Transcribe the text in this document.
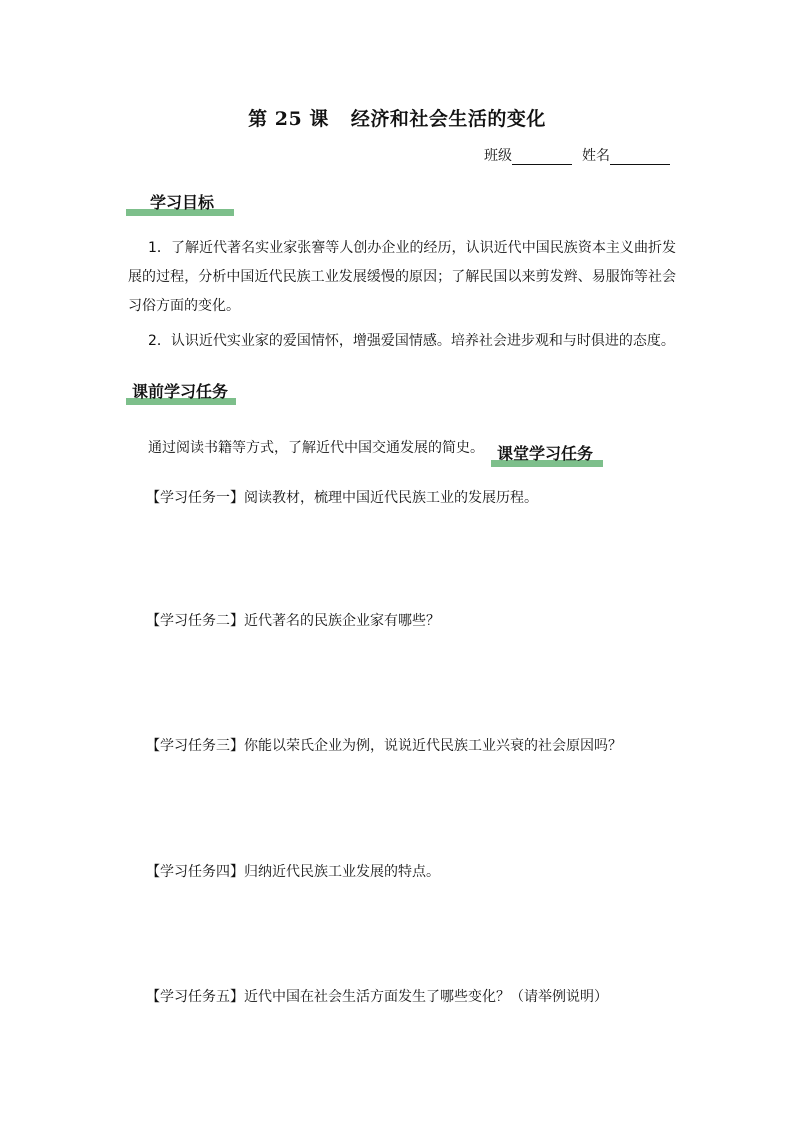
第 25 课 经济和社会生活的变化
班级	姓名
学习目标
1．了解近代著名实业家张謇等人创办企业的经历，认识近代中国民族资本主义曲折发展的过程，分析中国近代民族工业发展缓慢的原因；了解民国以来剪发辫、易服饰等社会习俗方面的变化。
2．认识近代实业家的爱国情怀，增强爱国情感。培养社会进步观和与时俱进的态度。
课前学习任务
通过阅读书籍等方式，了解近代中国交通发展的简史。 课堂学习任务
【学习任务一】阅读教材，梳理中国近代民族工业的发展历程。
【学习任务二】近代著名的民族企业家有哪些？
【学习任务三】你能以荣氏企业为例，说说近代民族工业兴衰的社会原因吗？
【学习任务四】归纳近代民族工业发展的特点。
【学习任务五】近代中国在社会生活方面发生了哪些变化？（请举例说明）
